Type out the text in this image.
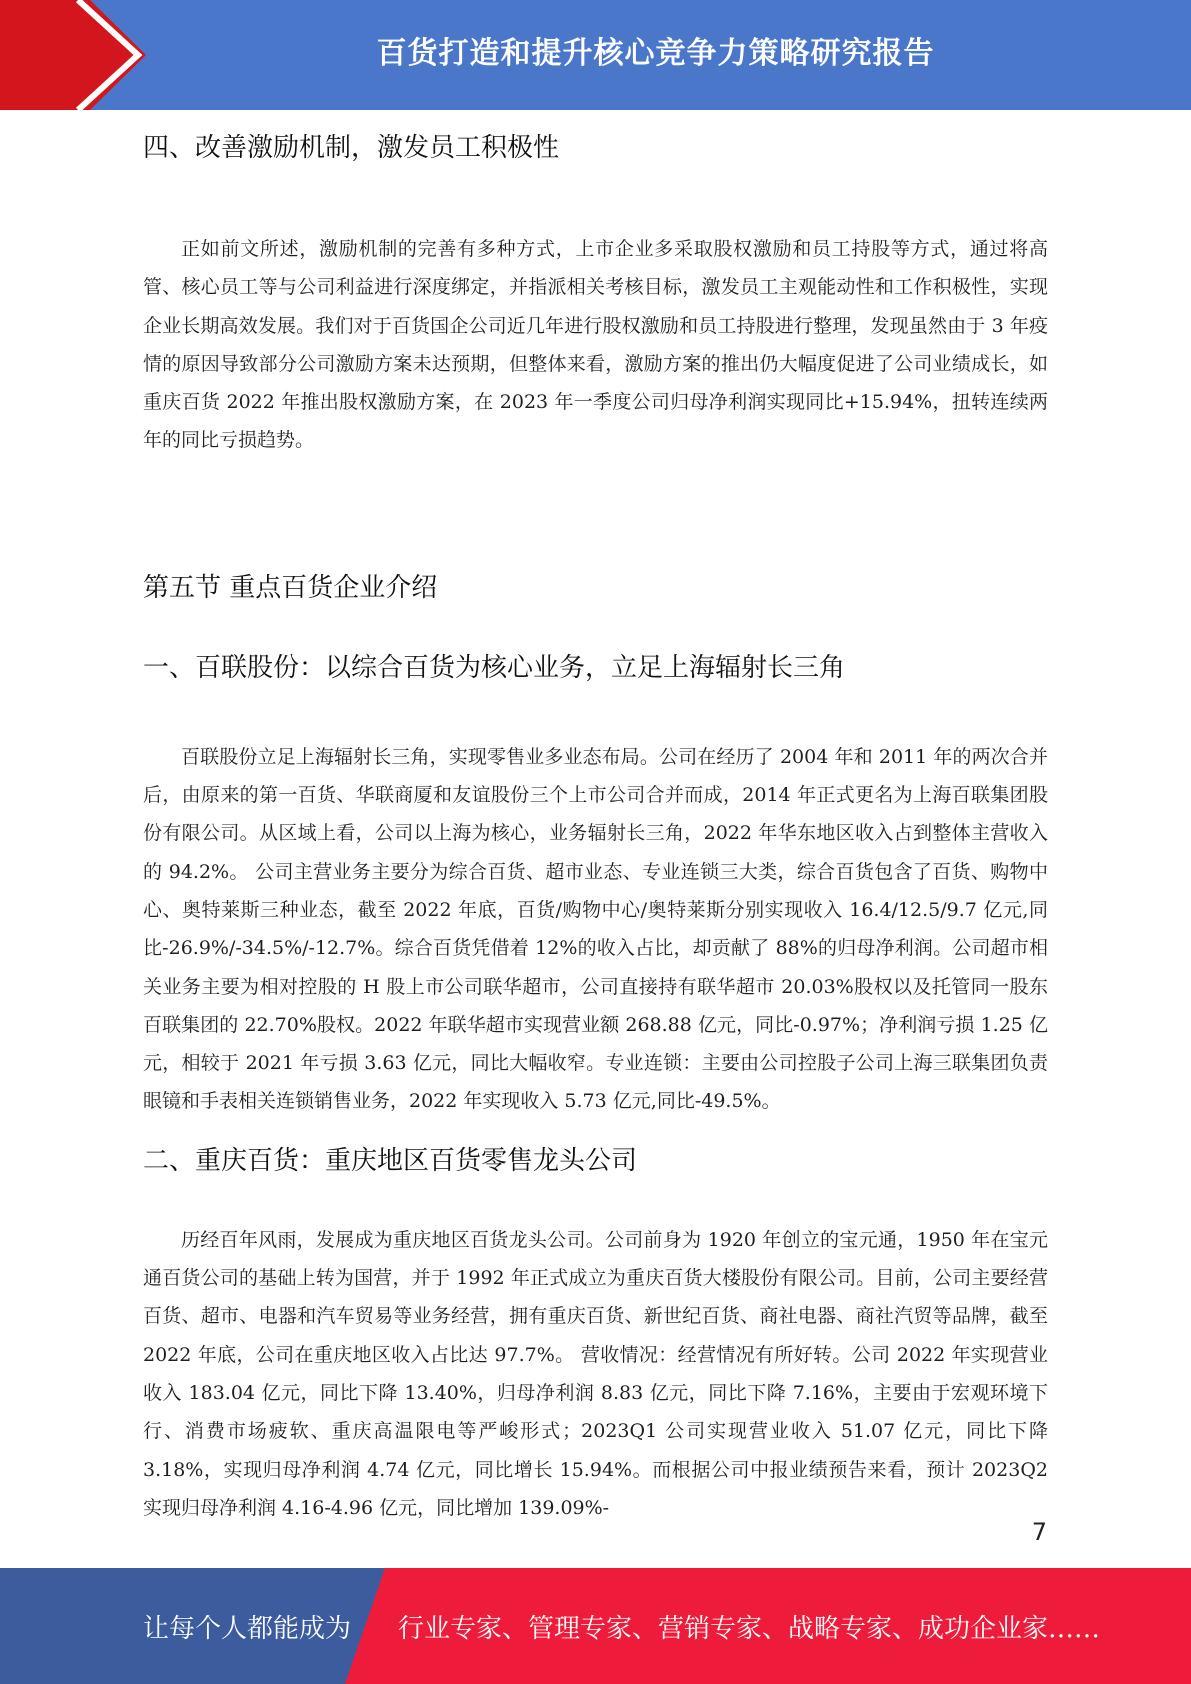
百货打造和提升核心竞争力策略研究报告
四、改善激励机制，激发员工积极性

正如前文所述，激励机制的完善有多种方式，上市企业多采取股权激励和员工持股等方式，通过将高管、核心员工等与公司利益进行深度绑定，并指派相关考核目标，激发员工主观能动性和工作积极性，实现企业长期高效发展。我们对于百货国企公司近几年进行股权激励和员工持股进行整理，发现虽然由于 3 年疫情的原因导致部分公司激励方案未达预期，但整体来看，激励方案的推出仍大幅度促进了公司业绩成长，如重庆百货 2022 年推出股权激励方案，在 2023 年一季度公司归母净利润实现同比+15.94%，扭转连续两年的同比亏损趋势。

第五节 重点百货企业介绍
一、百联股份：以综合百货为核心业务，立足上海辐射长三角

百联股份立足上海辐射长三角，实现零售业多业态布局。公司在经历了 2004 年和 2011 年的两次合并后，由原来的第一百货、华联商厦和友谊股份三个上市公司合并而成，2014 年正式更名为上海百联集团股份有限公司。从区域上看，公司以上海为核心，业务辐射长三角，2022 年华东地区收入占到整体主营收入的 94.2%。 公司主营业务主要分为综合百货、超市业态、专业连锁三大类，综合百货包含了百货、购物中心、奥特莱斯三种业态，截至 2022 年底，百货/购物中心/奥特莱斯分别实现收入 16.4/12.5/9.7 亿元,同比-26.9%/-34.5%/-12.7%。综合百货凭借着 12%的收入占比，却贡献了 88%的归母净利润。公司超市相关业务主要为相对控股的 H 股上市公司联华超市，公司直接持有联华超市 20.03%股权以及托管同一股东百联集团的 22.70%股权。2022 年联华超市实现营业额 268.88 亿元，同比-0.97%；净利润亏损 1.25 亿元，相较于 2021 年亏损 3.63 亿元，同比大幅收窄。专业连锁：主要由公司控股子公司上海三联集团负责眼镜和手表相关连锁销售业务，2022 年实现收入 5.73 亿元,同比-49.5%。

二、重庆百货：重庆地区百货零售龙头公司

历经百年风雨，发展成为重庆地区百货龙头公司。公司前身为 1920 年创立的宝元通，1950 年在宝元通百货公司的基础上转为国营，并于 1992 年正式成立为重庆百货大楼股份有限公司。目前，公司主要经营百货、超市、电器和汽车贸易等业务经营，拥有重庆百货、新世纪百货、商社电器、商社汽贸等品牌，截至 2022 年底，公司在重庆地区收入占比达 97.7%。 营收情况：经营情况有所好转。公司 2022 年实现营业收入 183.04 亿元，同比下降 13.40%，归母净利润 8.83 亿元，同比下降 7.16%，主要由于宏观环境下行、消费市场疲软、重庆高温限电等严峻形式；2023Q1 公司实现营业收入 51.07 亿元，同比下降 3.18%，实现归母净利润 4.74 亿元，同比增长 15.94%。而根据公司中报业绩预告来看，预计 2023Q2 实现归母净利润 4.16-4.96 亿元，同比增加 139.09%-

7
让每个人都能成为 行业专家、管理专家、营销专家、战略专家、成功企业家……
